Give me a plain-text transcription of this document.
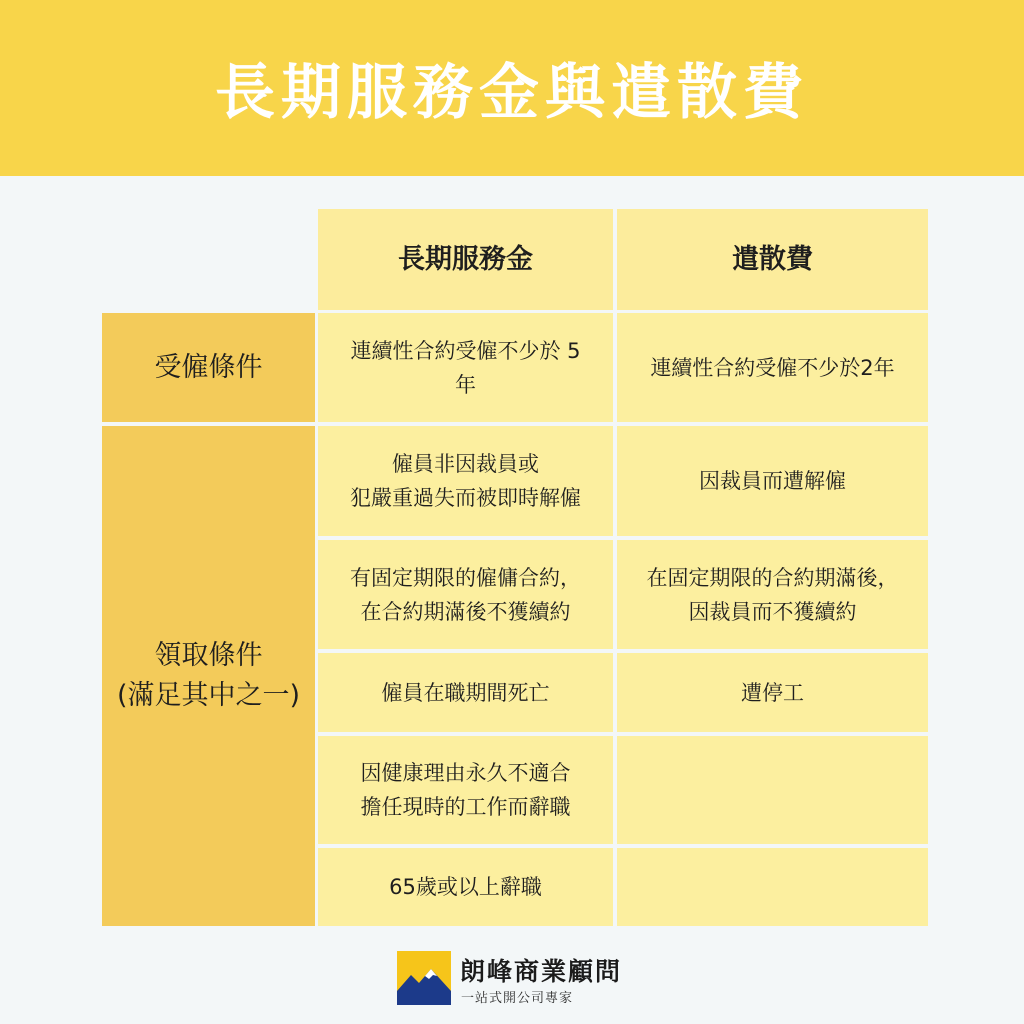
長期服務金與遣散費
長期服務金	遣散費
受僱條件
領取條件
(滿足其中之一)
連續性合約受僱不少於 5
年
連續性合約受僱不少於2年
僱員非因裁員或
犯嚴重過失而被即時解僱
因裁員而遭解僱
有固定期限的僱傭合約，
在合約期滿後不獲續約
在固定期限的合約期滿後，
因裁員而不獲續約
僱員在職期間死亡	遭停工
因健康理由永久不適合
擔任現時的工作而辭職
65歲或以上辭職
朗峰商業顧問
一站式開公司專家
